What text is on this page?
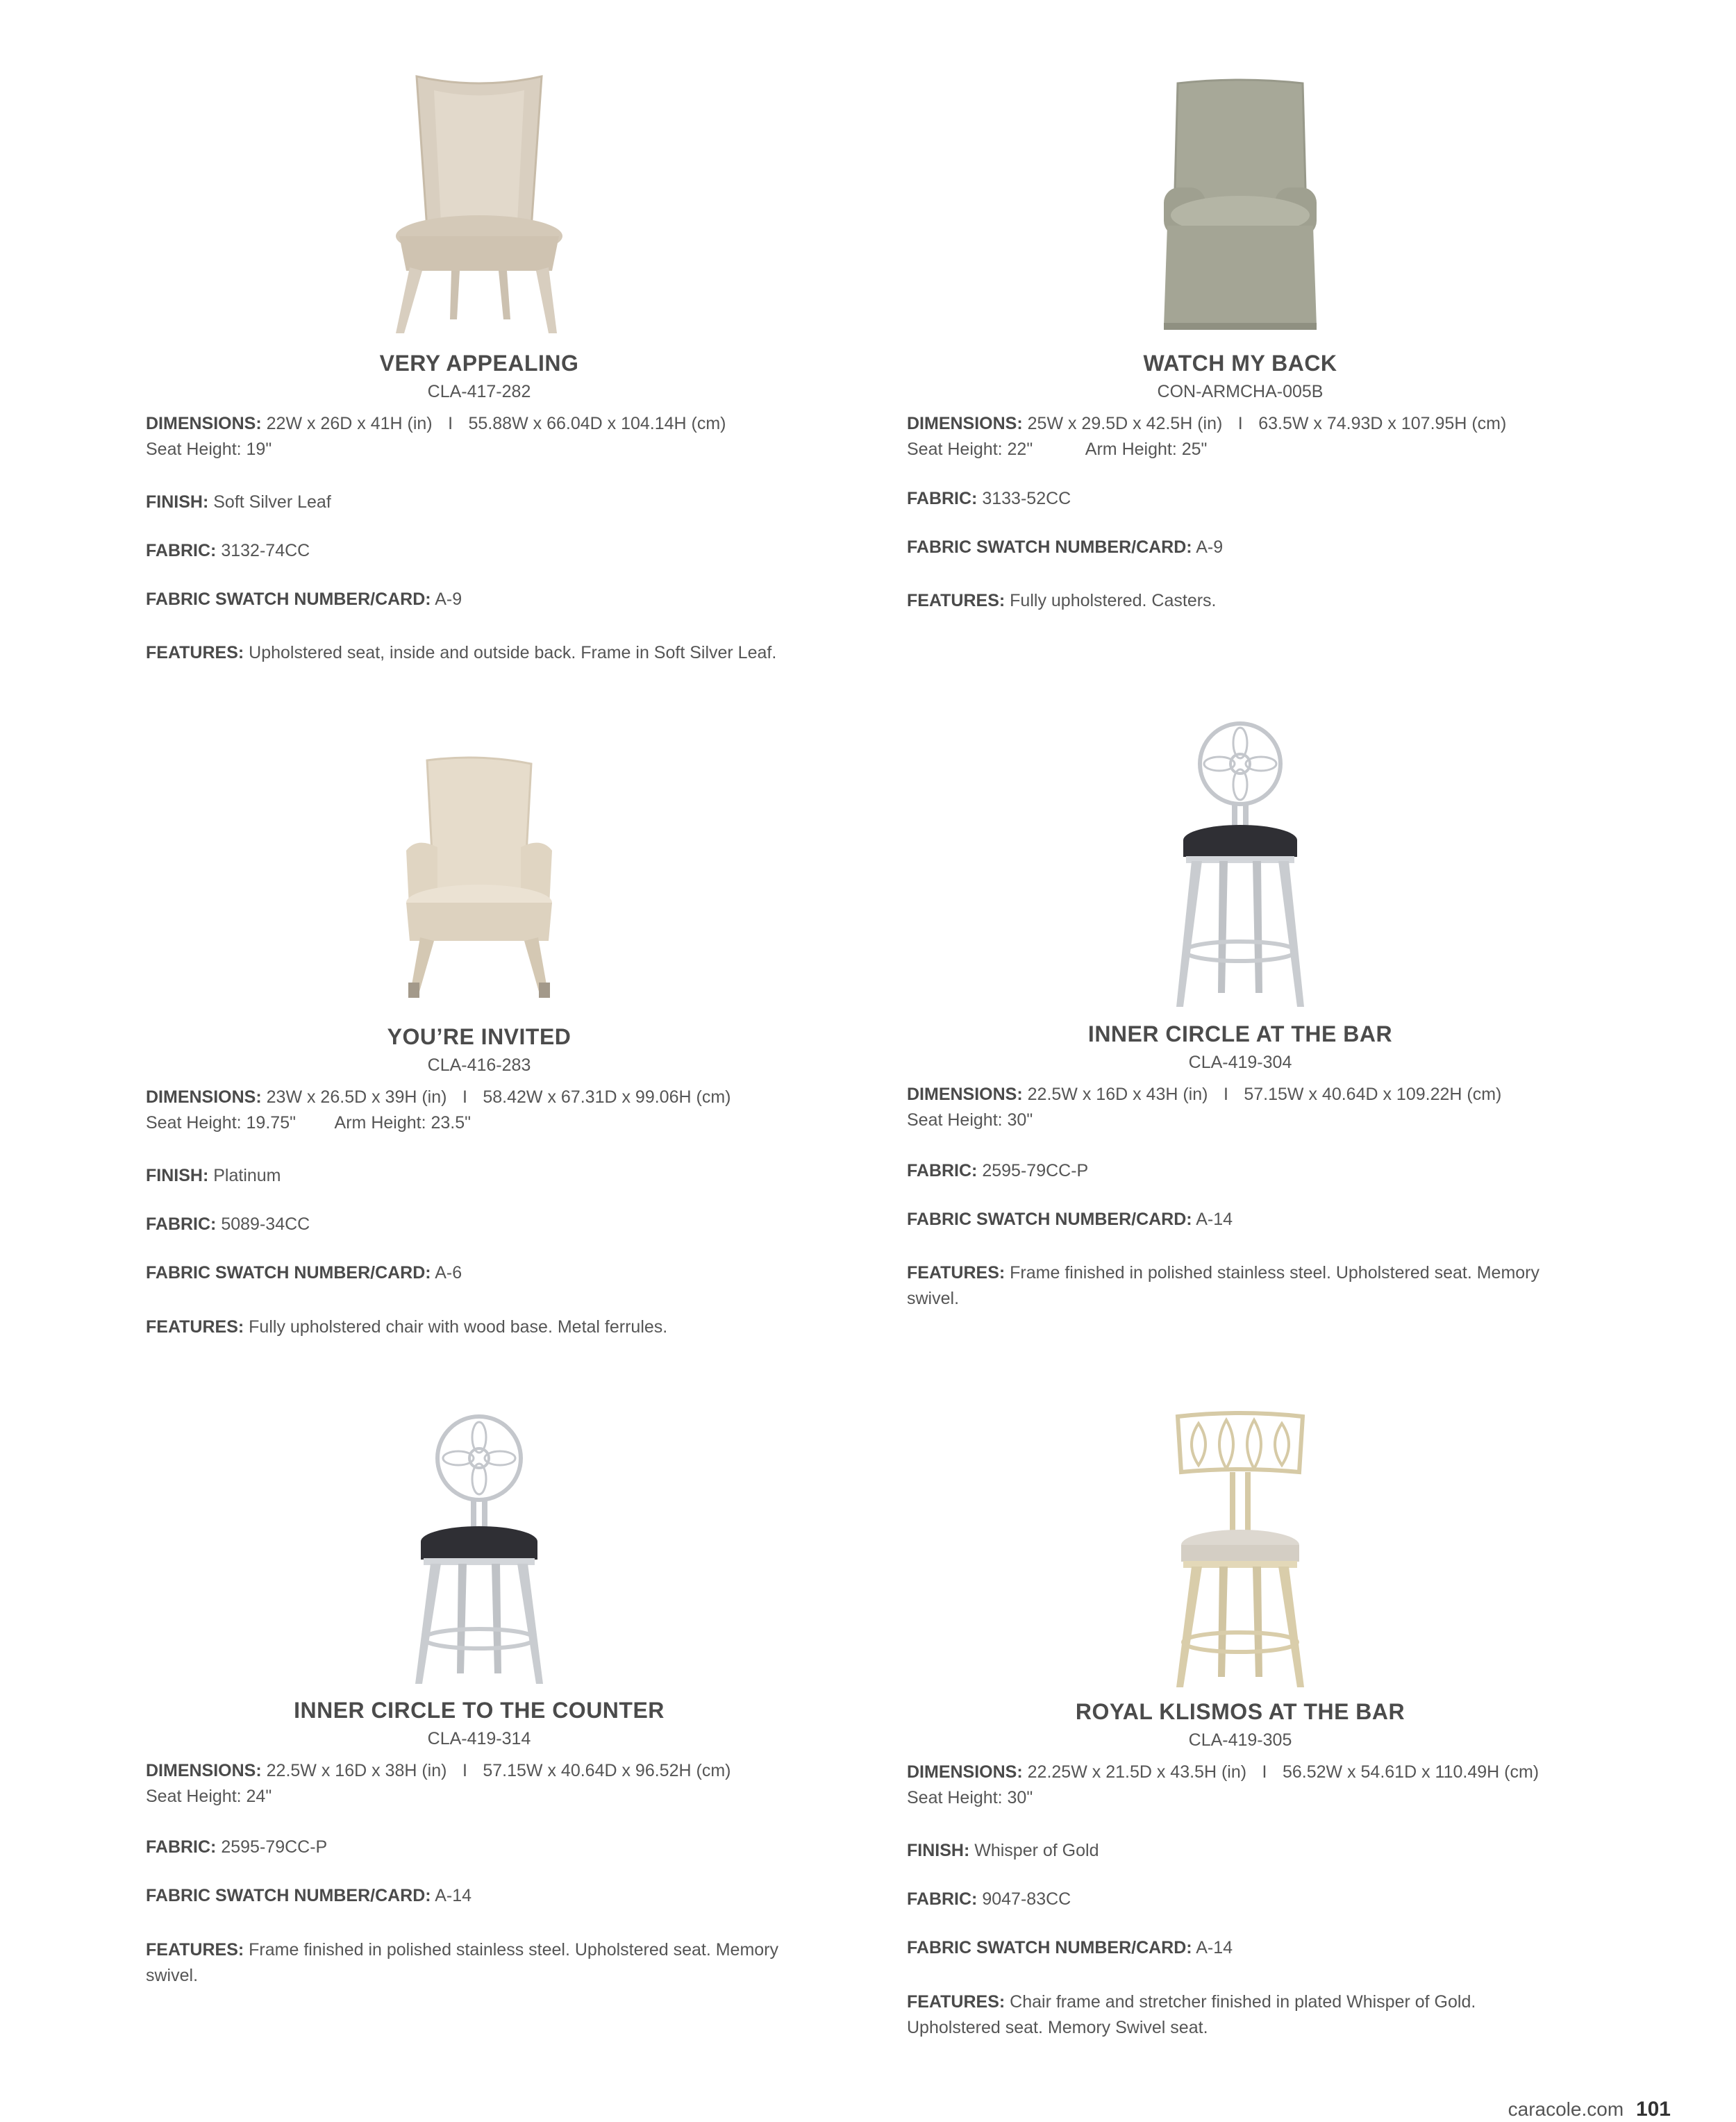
VERY APPEALING
CLA-417-282
DIMENSIONS: 22W x 26D x 41H (in) I 55.88W x 66.04D x 104.14H (cm)
Seat Height: 19"
FINISH: Soft Silver Leaf
FABRIC: 3132-74CC
FABRIC SWATCH NUMBER/CARD: A-9
FEATURES: Upholstered seat, inside and outside back. Frame in Soft Silver Leaf.
WATCH MY BACK
CON-ARMCHA-005B
DIMENSIONS: 25W x 29.5D x 42.5H (in) I 63.5W x 74.93D x 107.95H (cm)
Seat Height: 22"	Arm Height: 25"
FABRIC: 3133-52CC
FABRIC SWATCH NUMBER/CARD: A-9
FEATURES: Fully upholstered. Casters.
YOU’RE INVITED
CLA-416-283
DIMENSIONS: 23W x 26.5D x 39H (in) I 58.42W x 67.31D x 99.06H (cm)
Seat Height: 19.75" Arm Height: 23.5"
FINISH: Platinum
FABRIC: 5089-34CC
FABRIC SWATCH NUMBER/CARD: A-6
FEATURES: Fully upholstered chair with wood base. Metal ferrules.
INNER CIRCLE AT THE BAR
CLA-419-304
DIMENSIONS: 22.5W x 16D x 43H (in) I 57.15W x 40.64D x 109.22H (cm)
Seat Height: 30"
FABRIC: 2595-79CC-P
FABRIC SWATCH NUMBER/CARD: A-14
FEATURES: Frame finished in polished stainless steel. Upholstered seat. Memory swivel.
INNER CIRCLE TO THE COUNTER
CLA-419-314
DIMENSIONS: 22.5W x 16D x 38H (in) I 57.15W x 40.64D x 96.52H (cm)
Seat Height: 24"
FABRIC: 2595-79CC-P
FABRIC SWATCH NUMBER/CARD: A-14
FEATURES: Frame finished in polished stainless steel. Upholstered seat. Memory swivel.
ROYAL KLISMOS AT THE BAR
CLA-419-305
DIMENSIONS: 22.25W x 21.5D x 43.5H (in) I 56.52W x 54.61D x 110.49H (cm)
Seat Height: 30"
FINISH: Whisper of Gold
FABRIC: 9047-83CC
FABRIC SWATCH NUMBER/CARD: A-14
FEATURES: Chair frame and stretcher finished in plated Whisper of Gold. Upholstered seat. Memory Swivel seat.
caracole.com 101
